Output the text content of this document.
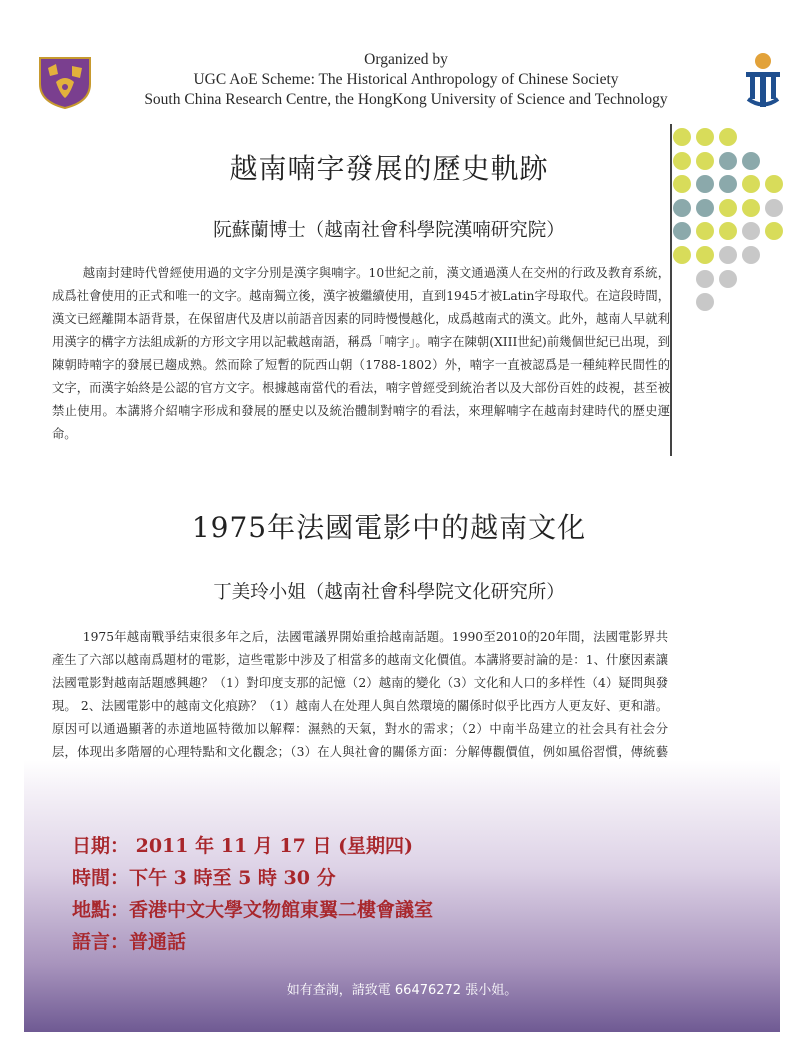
Organized by
UGC AoE Scheme: The Historical Anthropology of Chinese Society
South China Research Centre, the HongKong University of Science and Technology
越南喃字發展的歷史軌跡
阮蘇蘭博士（越南社會科學院漢喃研究院）
越南封建時代曾經使用過的文字分別是漢字與喃字。10世紀之前，漢文通過漢人在交州的行政及教育系統，成爲社會使用的正式和唯一的文字。越南獨立後，漢字被繼續使用，直到1945才被Latin字母取代。在這段時間，漢文已經離開本語背景，在保留唐代及唐以前語音因素的同時慢慢越化，成爲越南式的漢文。此外，越南人早就利用漢字的構字方法組成新的方形文字用以記載越南語，稱爲「喃字」。喃字在陳朝(XIII世紀)前幾個世紀已出現，到陳朝時喃字的發展已趨成熟。然而除了短暫的阮西山朝（1788-1802）外，喃字一直被認爲是一種純粹民間性的文字，而漢字始終是公認的官方文字。根據越南當代的看法，喃字曾經受到統治者以及大部份百姓的歧視，甚至被禁止使用。本講將介紹喃字形成和發展的歷史以及統治體制對喃字的看法，來理解喃字在越南封建時代的歷史運命。
1975年法國電影中的越南文化
丁美玲小姐（越南社會科學院文化研究所）
1975年越南戰爭结束很多年之后，法國電議界開始重拾越南話題。1990至2010的20年間，法國電影界共產生了六部以越南爲題材的電影，這些電影中涉及了相當多的越南文化價值。本講將要討論的是：1、什麼因素讓法國電影對越南話題感興趣？（1）對印度支那的記憶（2）越南的變化（3）文化和人口的多样性（4）疑問與發現。 2、法國電影中的越南文化痕跡？（1）越南人在处理人與自然環境的關係时似乎比西方人更友好、更和諧。原因可以通過顯著的赤道地區特徵加以解釋：濕熱的天氣，對水的需求；（2）中南半岛建立的社会具有社会分层，体现出多階層的心理特點和文化觀念；（3）在人與社會的關係方面：分解傳觀價值，例如風俗習慣，傳統藝
日期： 2011 年 11 月 17 日 (星期四)
時間：下午 3 時至 5 時 30 分
地點：香港中文大學文物館東翼二樓會議室
語言：普通話
如有查詢，請致電 66476272 張小姐。
